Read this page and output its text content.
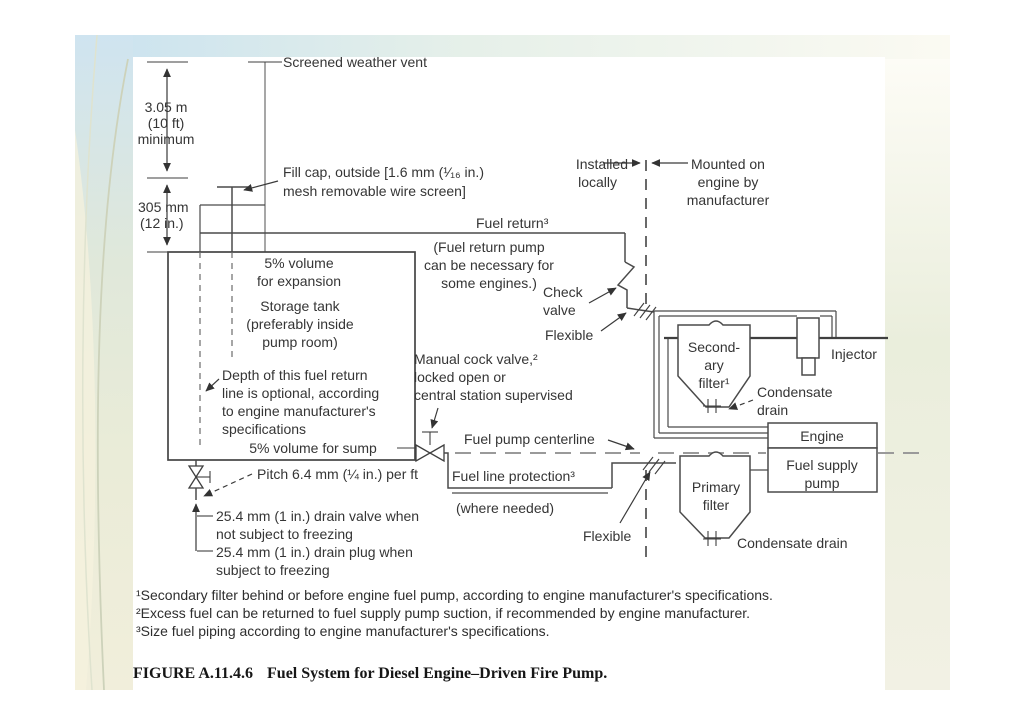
3.05 m
(10 ft)
minimum
305 mm
(12 in.)
Screened weather vent
Fill cap, outside [1.6 mm (¹⁄₁₆ in.)
mesh removable wire screen]
Installed
locally
Mounted on
engine by
manufacturer
Fuel return³
(Fuel return pump
can be necessary for
some engines.)
Check
valve
Flexible
5% volume
for expansion
Storage tank
(preferably inside
pump room)
Depth of this fuel return
line is optional, according
to engine manufacturer's
specifications
5% volume for sump
Manual cock valve,²
locked open or
central station supervised
Fuel line protection³
(where needed)
Flexible
Fuel pump centerline
Second-
ary
filter¹
Condensate
drain
Injector
Engine
Fuel supply
pump
Primary
filter
Condensate drain
Pitch 6.4 mm (¼ in.) per ft
25.4 mm (1 in.) drain valve when
not subject to freezing
25.4 mm (1 in.) drain plug when
subject to freezing
¹Secondary filter behind or before engine fuel pump, according to engine manufacturer's specifications.
²Excess fuel can be returned to fuel supply pump suction, if recommended by engine manufacturer.
³Size fuel piping according to engine manufacturer's specifications.
FIGURE A.11.4.6 Fuel System for Diesel Engine–Driven Fire Pump.
